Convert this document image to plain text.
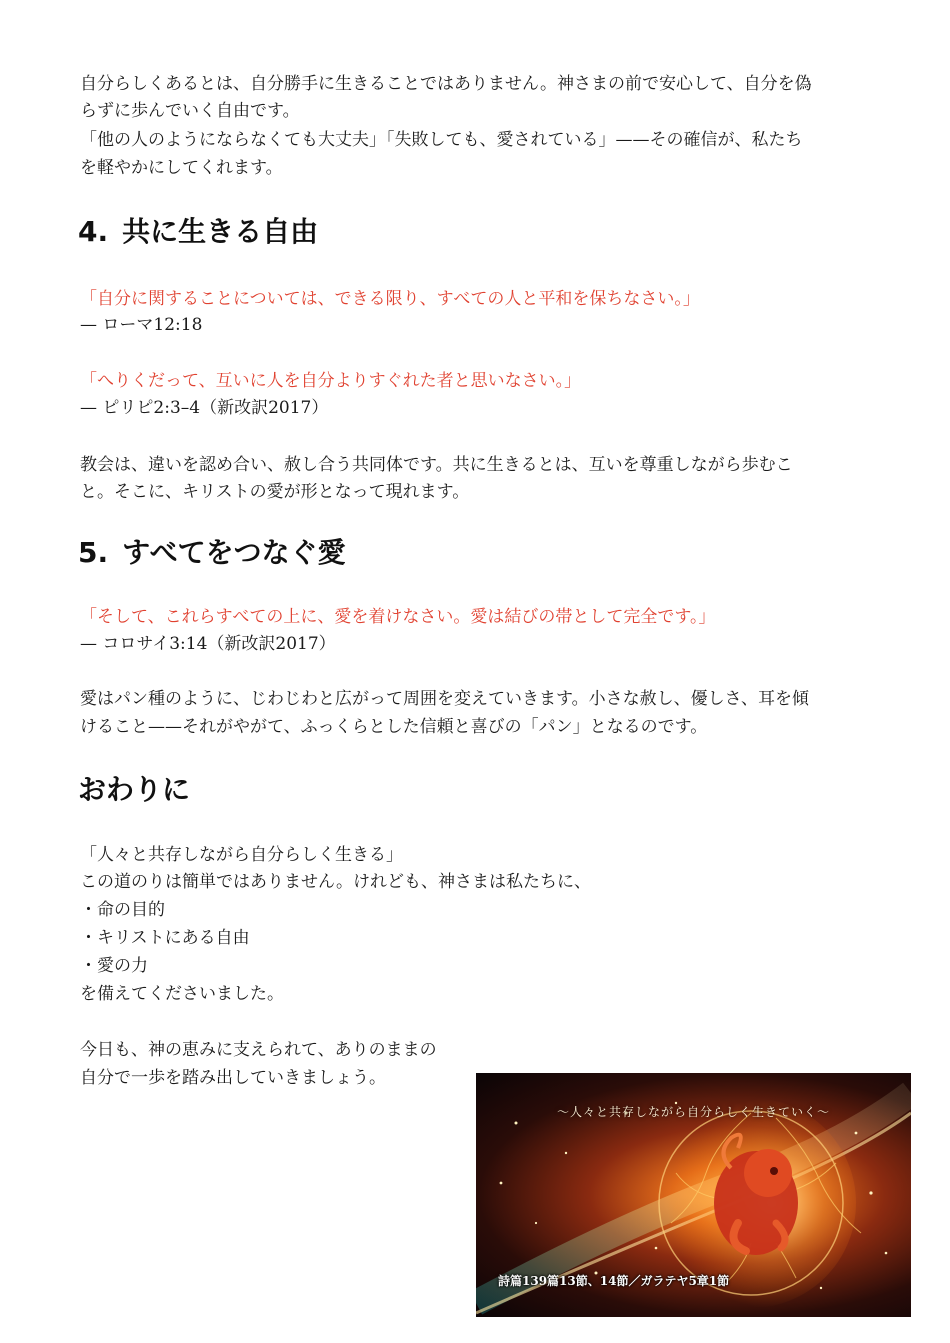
自分らしくあるとは、自分勝手に生きることではありません。神さまの前で安心して、自分を偽
らずに歩んでいく自由です。
「他の人のようにならなくても大丈夫」「失敗しても、愛されている」——その確信が、私たち
を軽やかにしてくれます。
4. 共に生きる自由
「自分に関することについては、できる限り、すべての人と平和を保ちなさい。」
— ローマ12:18
「へりくだって、互いに人を自分よりすぐれた者と思いなさい。」
— ピリピ2:3–4（新改訳2017）
教会は、違いを認め合い、赦し合う共同体です。共に生きるとは、互いを尊重しながら歩むこ
と。そこに、キリストの愛が形となって現れます。
5. すべてをつなぐ愛
「そして、これらすべての上に、愛を着けなさい。愛は結びの帯として完全です。」
— コロサイ3:14（新改訳2017）
愛はパン種のように、じわじわと広がって周囲を変えていきます。小さな赦し、優しさ、耳を傾
けること——それがやがて、ふっくらとした信頼と喜びの「パン」となるのです。
おわりに
「人々と共存しながら自分らしく生きる」
この道のりは簡単ではありません。けれども、神さまは私たちに、
・命の目的
・キリストにある自由
・愛の力
を備えてくださいました。
今日も、神の恵みに支えられて、ありのままの
自分で一歩を踏み出していきましょう。
〜人々と共存しながら自分らしく生きていく〜
詩篇139篇13節、14節／ガラテヤ5章1節
